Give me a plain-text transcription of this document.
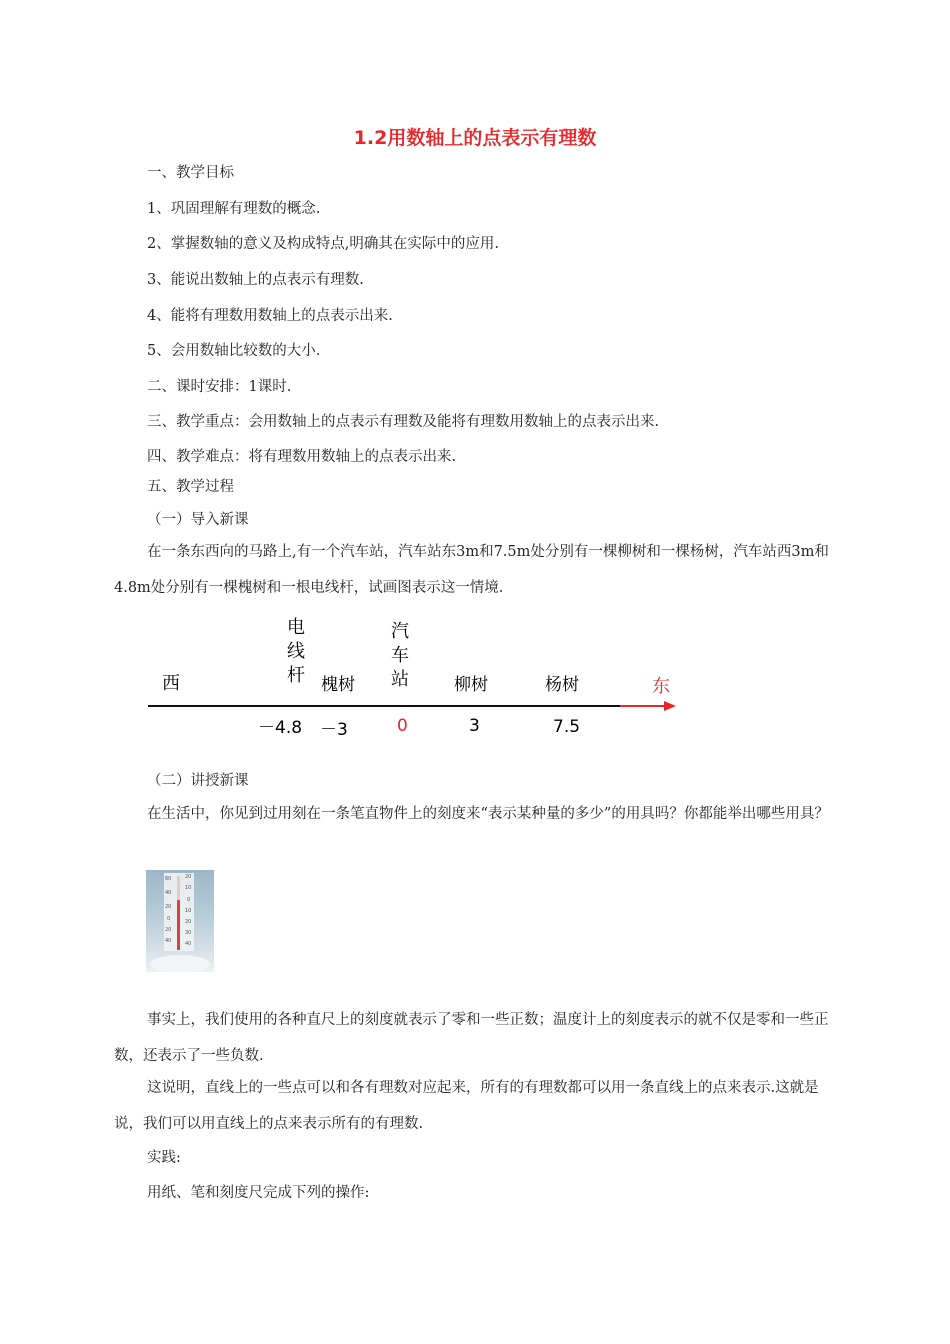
1.2用数轴上的点表示有理数
一、教学目标
1、巩固理解有理数的概念.
2、掌握数轴的意义及构成特点,明确其在实际中的应用.
3、能说出数轴上的点表示有理数.
4、能将有理数用数轴上的点表示出来.
5、会用数轴比较数的大小.
二、课时安排：1课时.
三、教学重点：会用数轴上的点表示有理数及能将有理数用数轴上的点表示出来.
四、教学难点：将有理数用数轴上的点表示出来.
五、教学过程
（一）导入新课

在一条东西向的马路上,有一个汽车站，汽车站东3m和7.5m处分别有一棵柳树和一棵杨树，汽车站西3m和4.8m处分别有一棵槐树和一根电线杆，试画图表示这一情境.

西	东
电
线
杆
汽
车
站
槐树	柳树	杨树
－4.8 －3	0	3	7.5
（二）讲授新课

在生活中，你见到过用刻在一条笔直物件上的刻度来“表示某种量的多少”的用具吗？你都能举出哪些用具？

60
40
20
0
20
40
20
10
0
10
20
30
40

事实上，我们使用的各种直尺上的刻度就表示了零和一些正数；温度计上的刻度表示的就不仅是零和一些正数，还表示了一些负数.

这说明，直线上的一些点可以和各有理数对应起来，所有的有理数都可以用一条直线上的点来表示.这就是说，我们可以用直线上的点来表示所有的有理数.

实践:
用纸、笔和刻度尺完成下列的操作:
